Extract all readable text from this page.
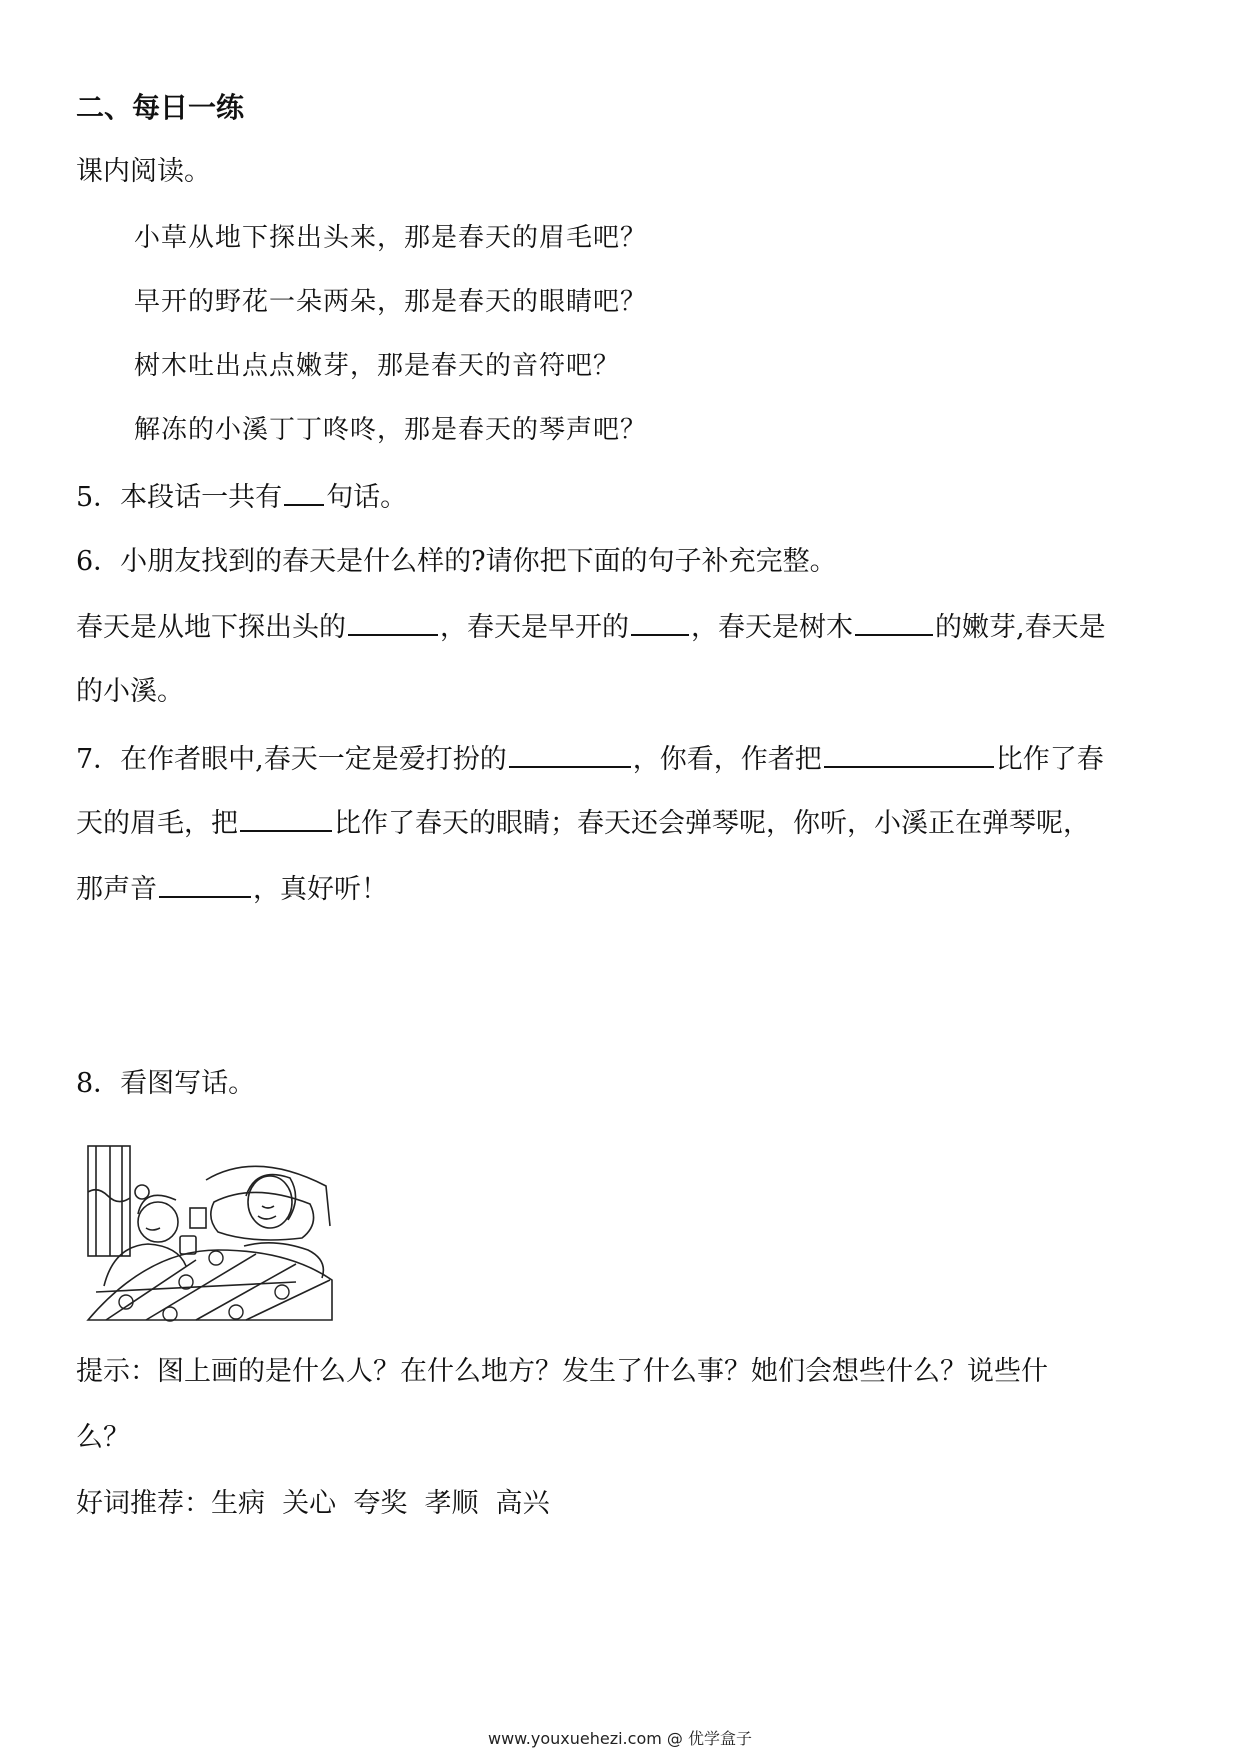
二、每日一练
课内阅读。
小草从地下探出头来，那是春天的眉毛吧？
早开的野花一朵两朵，那是春天的眼睛吧？
树木吐出点点嫩芽，那是春天的音符吧？
解冻的小溪丁丁咚咚，那是春天的琴声吧？
5．本段话一共有 句话。
6．小朋友找到的春天是什么样的?请你把下面的句子补充完整。
春天是从地下探出头的	，春天是早开的 ，春天是树木	的嫩芽,春天是
的小溪。
7．在作者眼中,春天一定是爱打扮的	，你看，作者把	比作了春
天的眉毛，把	比作了春天的眼睛；春天还会弹琴呢，你听，小溪正在弹琴呢，
那声音	，真好听！
8．看图写话。
提示：图上画的是什么人？在什么地方？发生了什么事？她们会想些什么？说些什
么？
好词推荐：生病  关心  夸奖  孝顺  高兴
www.youxuehezi.com @ 优学盒子
